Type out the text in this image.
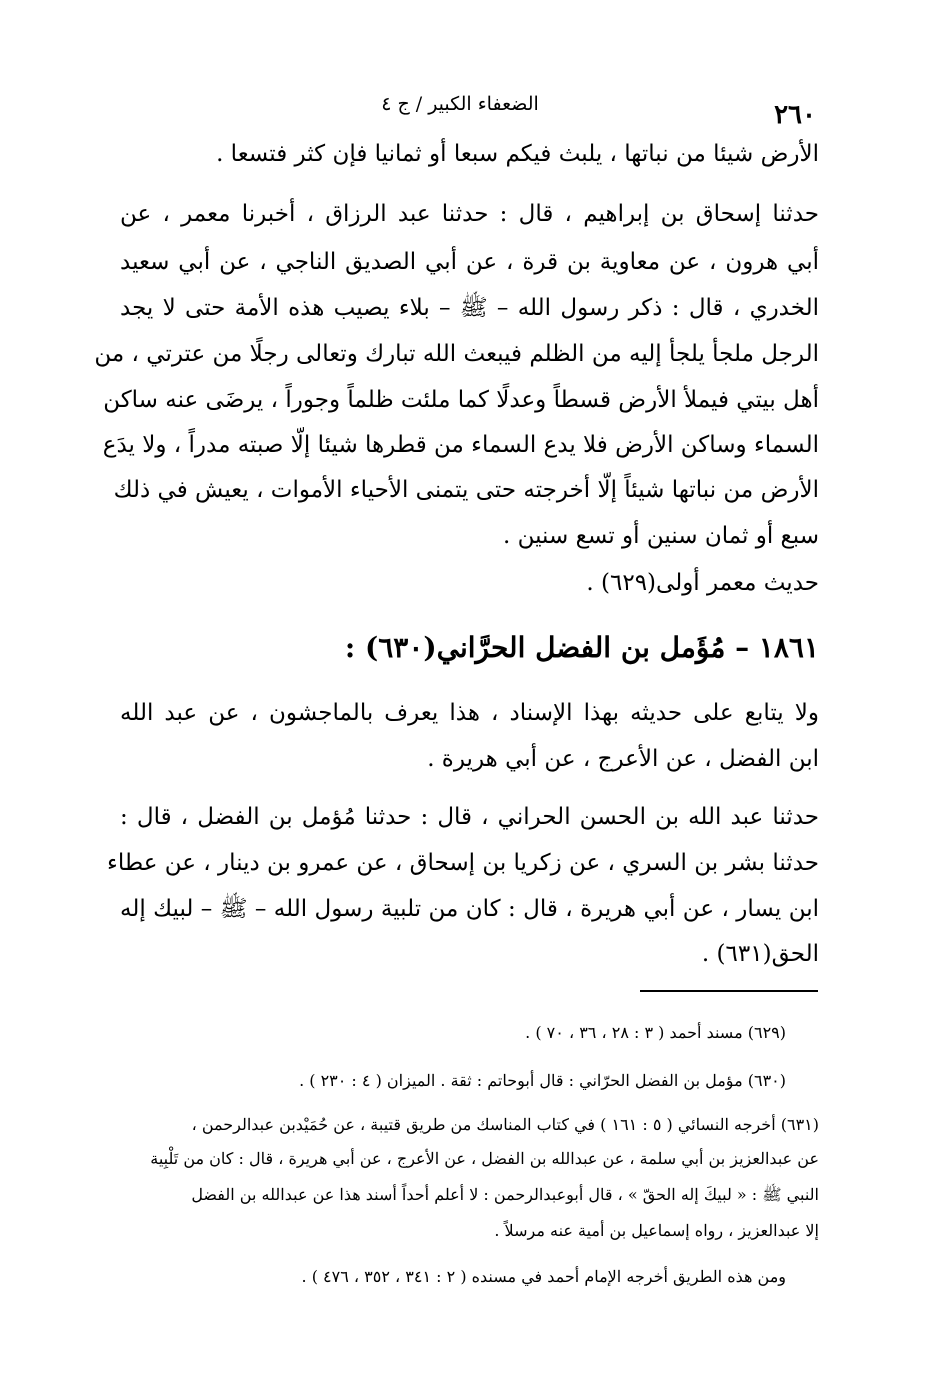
٢٦٠
الضعفاء الكبير / ج ٤
الأرض شيئا من نباتها ، يلبث فيكم سبعا أو ثمانيا فإن كثر فتسعا .
حدثنا إسحاق بن إبراهيم ، قال : حدثنا عبد الرزاق ، أخبرنا معمر ، عن
أبي هرون ، عن معاوية بن قرة ، عن أبي الصديق الناجي ، عن أبي سعيد
الخدري ، قال : ذكر رسول الله – ﷺ – بلاء يصيب هذه الأمة حتى لا يجد
الرجل ملجأ يلجأ إليه من الظلم فيبعث الله تبارك وتعالى رجلًا من عترتي ، من
أهل بيتي فيملأ الأرض قسطاً وعدلًا كما ملئت ظلماً وجوراً ، يرضَى عنه ساكن
السماء وساكن الأرض فلا يدع السماء من قطرها شيئا إلّا صبته مدراً ، ولا يدَع
الأرض من نباتها شيئاً إلّا أخرجته حتى يتمنى الأحياء الأموات ، يعيش في ذلك
سبع أو ثمان سنين أو تسع سنين .
حديث معمر أولى(٦٢٩) .
١٨٦١ – مُؤَمل بن الفضل الحرَّاني(٦٣٠) :
ولا يتابع على حديثه بهذا الإسناد ، هذا يعرف بالماجشون ، عن عبد الله
ابن الفضل ، عن الأعرج ، عن أبي هريرة .
حدثنا عبد الله بن الحسن الحراني ، قال : حدثنا مُؤمل بن الفضل ، قال :
حدثنا بشر بن السري ، عن زكريا بن إسحاق ، عن عمرو بن دينار ، عن عطاء
ابن يسار ، عن أبي هريرة ، قال : كان من تلبية رسول الله – ﷺ – لبيك إله
الحق(٦٣١) .
(٦٢٩) مسند أحمد ( ٣ : ٢٨ ، ٣٦ ، ٧٠ ) .
(٦٣٠) مؤمل بن الفضل الحرّاني : قال أبوحاتم : ثقة . الميزان ( ٤ : ٢٣٠ ) .
(٦٣١) أخرجه النسائي ( ٥ : ١٦١ ) في كتاب المناسك من طريق قتيبة ، عن حُمَيْدبن عبدالرحمن ،
عن عبدالعزيز بن أبي سلمة ، عن عبدالله بن الفضل ، عن الأعرج ، عن أبي هريرة ، قال : كان من تَلْبِية
النبي ﷺ : « لبيكَ إله الحقّ » ، قال أبوعبدالرحمن : لا أعلم أحداً أسند هذا عن عبدالله بن الفضل
إلا عبدالعزيز ، رواه إسماعيل بن أمية عنه مرسلاً .
ومن هذه الطريق أخرجه الإمام أحمد في مسنده ( ٢ : ٣٤١ ، ٣٥٢ ، ٤٧٦ ) .
